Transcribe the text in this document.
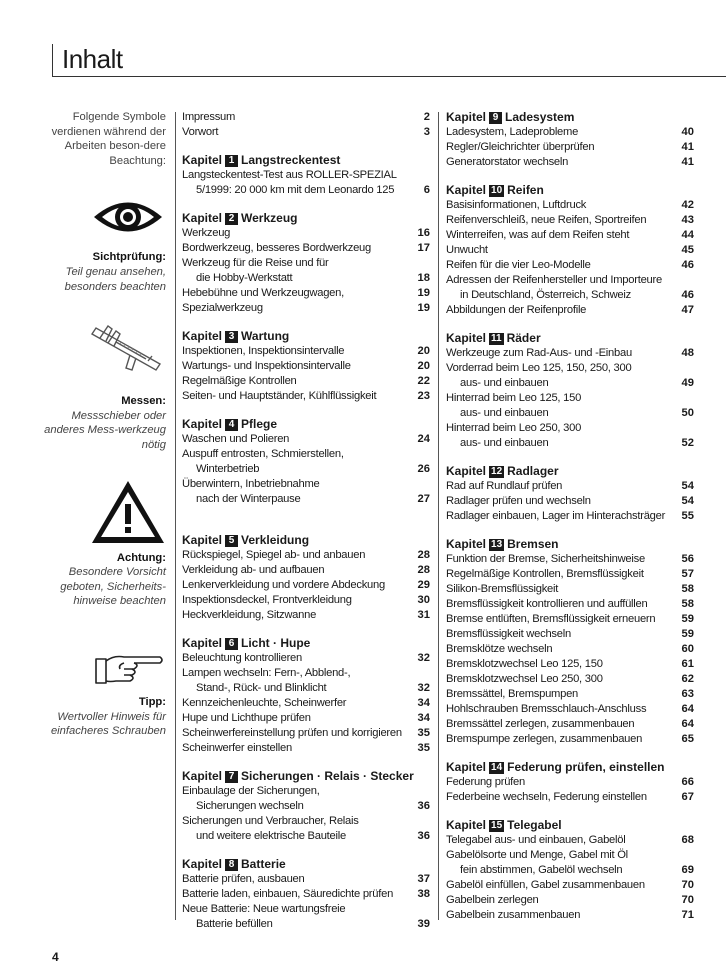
Inhalt

Folgende Symbole verdienen während der Arbeiten beson-dere Beachtung:

Sichtprüfung:
Teil genau ansehen, besonders beachten
Messen:
Messschieber oder anderes Mess-werkzeug nötig
Achtung:
Besondere Vorsicht geboten, Sicherheits-hinweise beachten
Tipp:
Wertvoller Hinweis für einfacheres Schrauben
Impressum	2
Vorwort	3
Kapitel 1 Langstreckentest
Langsteckentest-Test aus ROLLER-SPEZIAL
5/1999: 20 000 km mit dem Leonardo 125	6
Kapitel 2 Werkzeug
Werkzeug	16
Bordwerkzeug, besseres Bordwerkzeug	17
Werkzeug für die Reise und für
die Hobby-Werkstatt	18
Hebebühne und Werkzeugwagen,	19
Spezialwerkzeug	19
Kapitel 3 Wartung
Inspektionen, Inspektionsintervalle	20
Wartungs- und Inspektionsintervalle	20
Regelmäßige Kontrollen	22
Seiten- und Hauptständer, Kühlflüssigkeit	23
Kapitel 4 Pflege
Waschen und Polieren	24
Auspuff entrosten, Schmierstellen,
Winterbetrieb	26
Überwintern, Inbetriebnahme
nach der Winterpause	27
Kapitel 5 Verkleidung
Rückspiegel, Spiegel ab- und anbauen	28
Verkleidung ab- und aufbauen	28
Lenkerverkleidung und vordere Abdeckung	29
Inspektionsdeckel, Frontverkleidung	30
Heckverkleidung, Sitzwanne	31
Kapitel 6 Licht · Hupe
Beleuchtung kontrollieren	32
Lampen wechseln: Fern-, Abblend-,
Stand-, Rück- und Blinklicht	32
Kennzeichenleuchte, Scheinwerfer	34
Hupe und Lichthupe prüfen	34
Scheinwerfereinstellung prüfen und korrigieren 35
Scheinwerfer einstellen	35
Kapitel 7 Sicherungen · Relais · Stecker
Einbaulage der Sicherungen,
Sicherungen wechseln	36
Sicherungen und Verbraucher, Relais
und weitere elektrische Bauteile	36
Kapitel 8 Batterie
Batterie prüfen, ausbauen	37
Batterie laden, einbauen, Säuredichte prüfen 38
Neue Batterie: Neue wartungsfreie
Batterie befüllen	39
Kapitel 9 Ladesystem
Ladesystem, Ladeprobleme	40
Regler/Gleichrichter überprüfen	41
Generatorstator wechseln	41
Kapitel 10 Reifen
Basisinformationen, Luftdruck	42
Reifenverschleiß, neue Reifen, Sportreifen	43
Winterreifen, was auf dem Reifen steht	44
Unwucht	45
Reifen für die vier Leo-Modelle	46
Adressen der Reifenhersteller und Importeure
in Deutschland, Österreich, Schweiz	46
Abbildungen der Reifenprofile	47
Kapitel 11 Räder
Werkzeuge zum Rad-Aus- und -Einbau	48
Vorderrad beim Leo 125, 150, 250, 300
aus- und einbauen	49
Hinterrad beim Leo 125, 150
aus- und einbauen	50
Hinterrad beim Leo 250, 300
aus- und einbauen	52
Kapitel 12 Radlager
Rad auf Rundlauf prüfen	54
Radlager prüfen und wechseln	54
Radlager einbauen, Lager im Hinterachsträger 55
Kapitel 13 Bremsen
Funktion der Bremse, Sicherheitshinweise	56
Regelmäßige Kontrollen, Bremsflüssigkeit	57
Silikon-Bremsflüssigkeit	58
Bremsflüssigkeit kontrollieren und auffüllen	58
Bremse entlüften, Bremsflüssigkeit erneuern 59
Bremsflüssigkeit wechseln	59
Bremsklötze wechseln	60
Bremsklotzwechsel Leo 125, 150	61
Bremsklotzwechsel Leo 250, 300	62
Bremssättel, Bremspumpen	63
Hohlschrauben Bremsschlauch-Anschluss	64
Bremssättel zerlegen, zusammenbauen	64
Bremspumpe zerlegen, zusammenbauen	65
Kapitel 14 Federung prüfen, einstellen
Federung prüfen	66
Federbeine wechseln, Federung einstellen	67
Kapitel 15 Telegabel
Telegabel aus- und einbauen, Gabelöl	68
Gabelölsorte und Menge, Gabel mit Öl
fein abstimmen, Gabelöl wechseln	69
Gabelöl einfüllen, Gabel zusammenbauen	70
Gabelbein zerlegen	70
Gabelbein zusammenbauen	71
4
